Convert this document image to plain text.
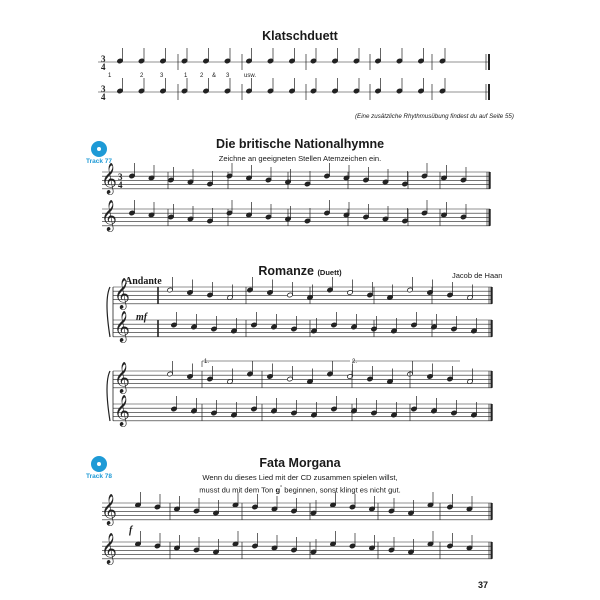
3
4
3
4
𝄞 3
4
𝄞
𝄞
𝄞
𝄞
𝄞
𝄞
𝄞
Klatschduett
1	2	3	1 2 & 3 usw.
(Eine zusätzliche Rhythmusübung findest du auf Seite 55)
Track 77
Die britische Nationalhymne
Zeichne an geeigneten Stellen Atemzeichen ein.
Romanze (Duett)
Andante
Jacob de Haan
mf
1.	2.
Track 78
Fata Morgana
Wenn du dieses Lied mit der CD zusammen spielen willst,
musst du mit dem Ton g° beginnen, sonst klingt es nicht gut.
f
37
